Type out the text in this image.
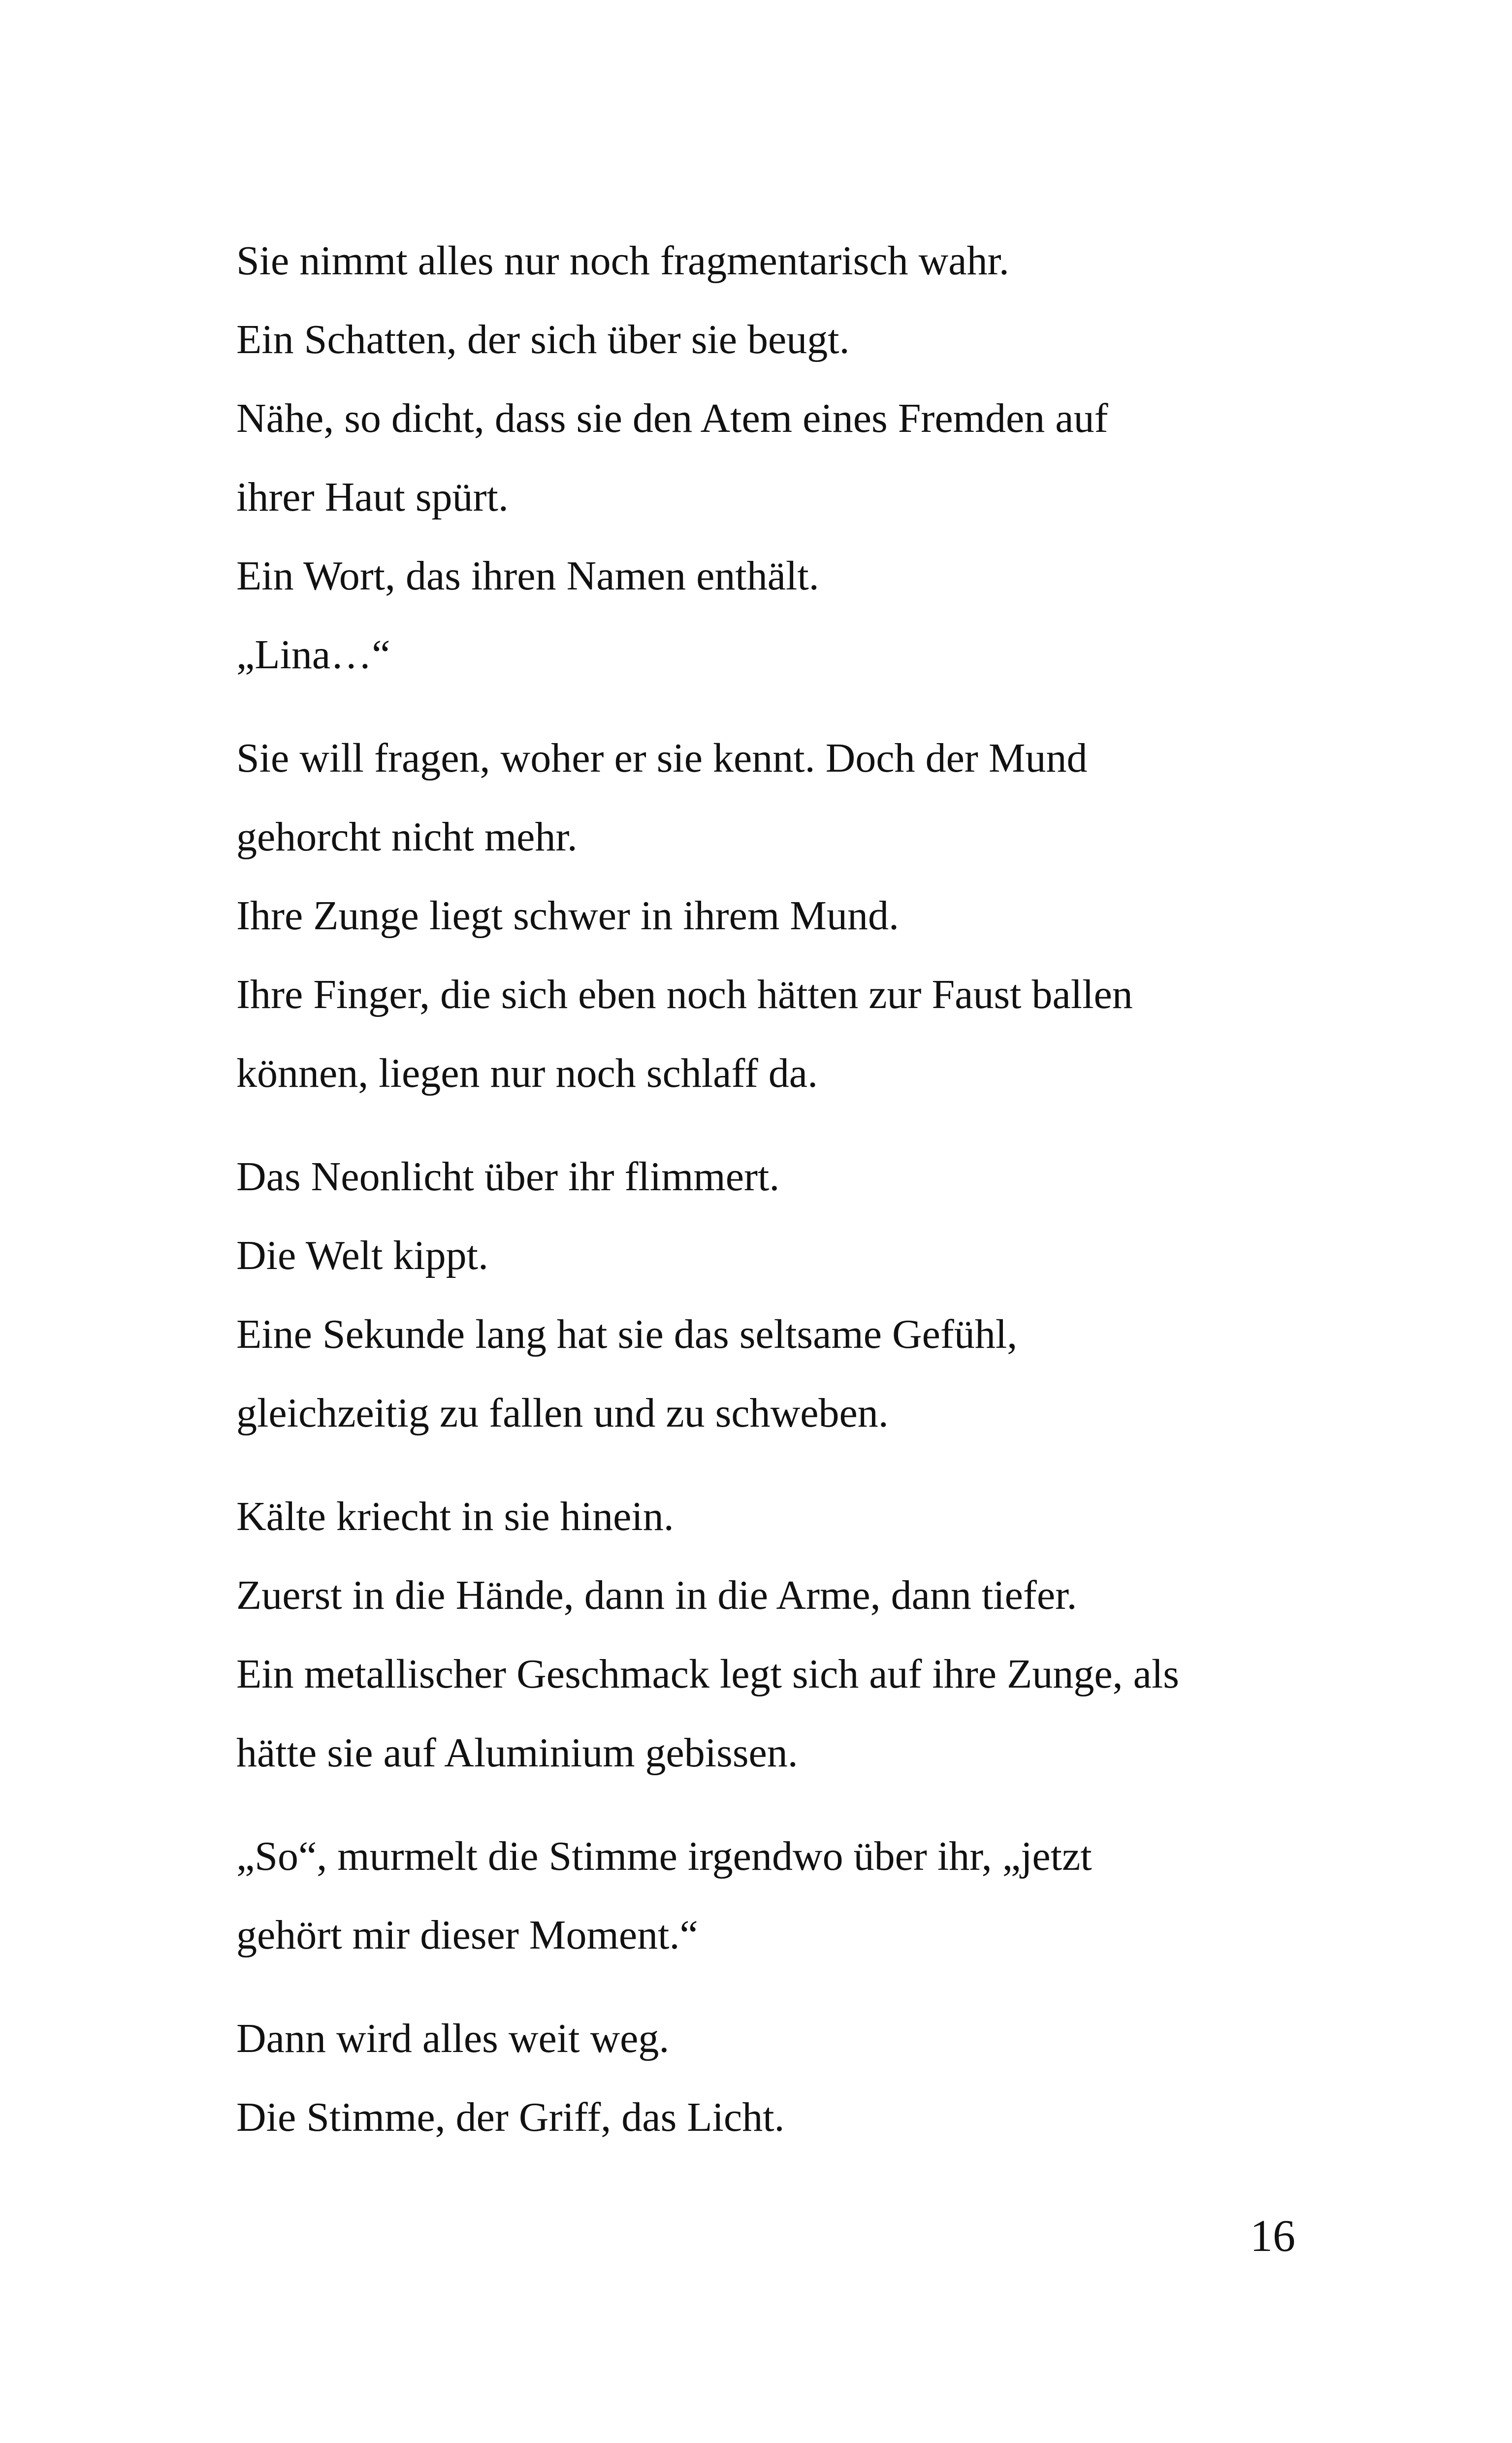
Sie nimmt alles nur noch fragmentarisch wahr.
Ein Schatten, der sich über sie beugt.
Nähe, so dicht, dass sie den Atem eines Fremden auf
ihrer Haut spürt.
Ein Wort, das ihren Namen enthält.
„Lina…“
Sie will fragen, woher er sie kennt. Doch der Mund
gehorcht nicht mehr.
Ihre Zunge liegt schwer in ihrem Mund.
Ihre Finger, die sich eben noch hätten zur Faust ballen
können, liegen nur noch schlaff da.
Das Neonlicht über ihr flimmert.
Die Welt kippt.
Eine Sekunde lang hat sie das seltsame Gefühl,
gleichzeitig zu fallen und zu schweben.
Kälte kriecht in sie hinein.
Zuerst in die Hände, dann in die Arme, dann tiefer.
Ein metallischer Geschmack legt sich auf ihre Zunge, als
hätte sie auf Aluminium gebissen.
„So“, murmelt die Stimme irgendwo über ihr, „jetzt
gehört mir dieser Moment.“
Dann wird alles weit weg.
Die Stimme, der Griff, das Licht.
16
